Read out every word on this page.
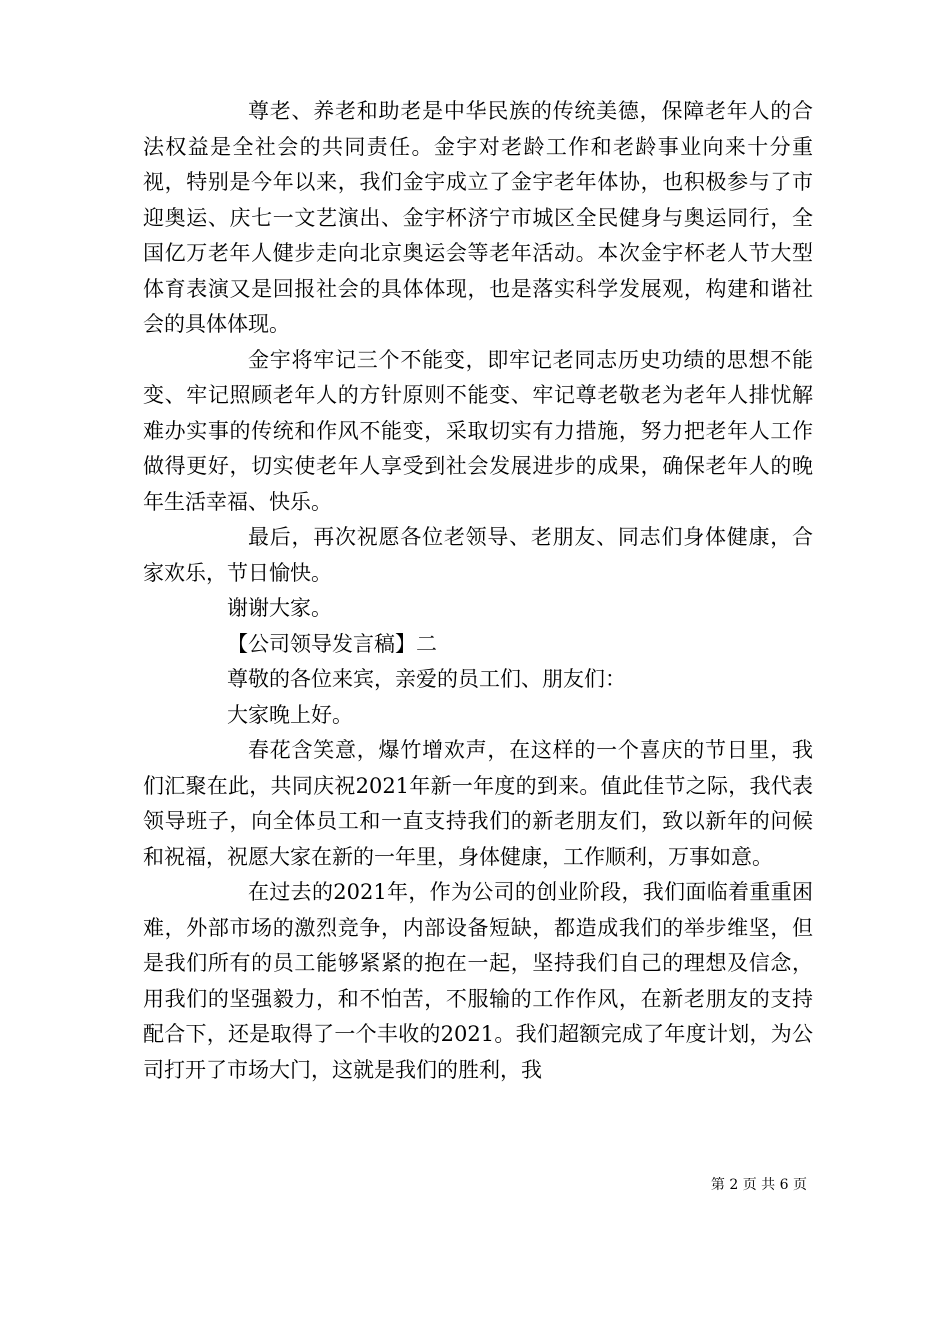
尊老、养老和助老是中华民族的传统美德，保障老年人的合法权益是全社会的共同责任。金宇对老龄工作和老龄事业向来十分重视，特别是今年以来，我们金宇成立了金宇老年体协，也积极参与了市迎奥运、庆七一文艺演出、金宇杯济宁市城区全民健身与奥运同行，全国亿万老年人健步走向北京奥运会等老年活动。本次金宇杯老人节大型体育表演又是回报社会的具体体现，也是落实科学发展观，构建和谐社会的具体体现。

金宇将牢记三个不能变，即牢记老同志历史功绩的思想不能变、牢记照顾老年人的方针原则不能变、牢记尊老敬老为老年人排忧解难办实事的传统和作风不能变，采取切实有力措施，努力把老年人工作做得更好，切实使老年人享受到社会发展进步的成果，确保老年人的晚年生活幸福、快乐。

最后，再次祝愿各位老领导、老朋友、同志们身体健康，合家欢乐，节日愉快。

谢谢大家。

【公司领导发言稿】二

尊敬的各位来宾，亲爱的员工们、朋友们：

大家晚上好。

春花含笑意，爆竹增欢声，在这样的一个喜庆的节日里，我们汇聚在此，共同庆祝2021年新一年度的到来。值此佳节之际，我代表领导班子，向全体员工和一直支持我们的新老朋友们，致以新年的问候和祝福，祝愿大家在新的一年里，身体健康，工作顺利，万事如意。

在过去的2021年，作为公司的创业阶段，我们面临着重重困难，外部市场的激烈竞争，内部设备短缺，都造成我们的举步维坚，但是我们所有的员工能够紧紧的抱在一起，坚持我们自己的理想及信念，用我们的坚强毅力，和不怕苦，不服输的工作作风，在新老朋友的支持配合下，还是取得了一个丰收的2021。我们超额完成了年度计划，为公司打开了市场大门，这就是我们的胜利，我

第 2 页 共 6 页
